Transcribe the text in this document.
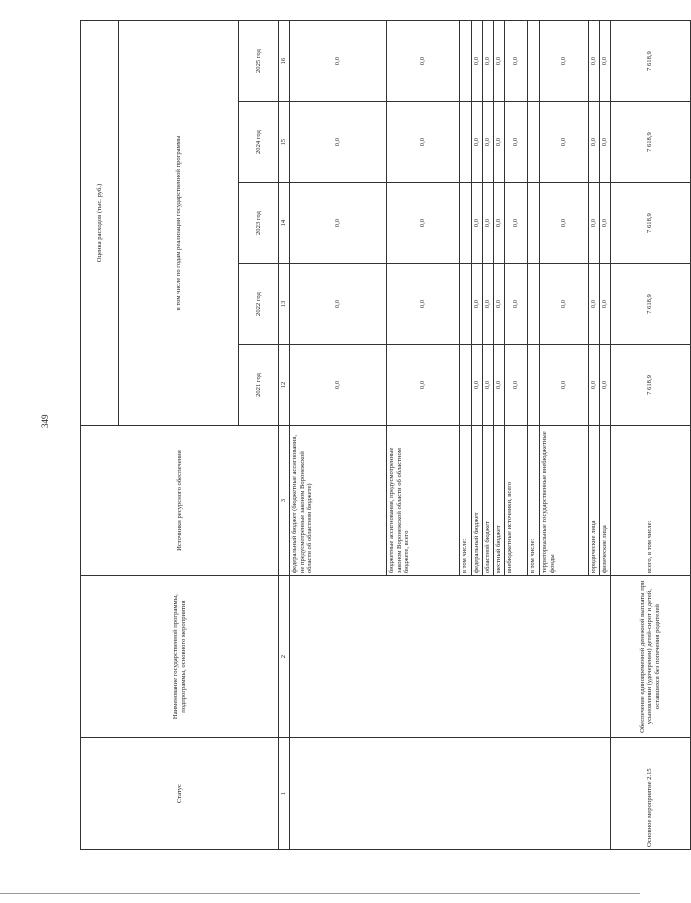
349
Статус	Наименование государственной программы, подпрограммы, основного мероприятия	Источники ресурсного обеспечения	Оценка расходов (тыс. руб.)				
			в том числе по годам реализации государственной программы				
			2021 год	2022 год	2023 год	2024 год	2025 год
1	2	3	12	13	14	15	16
		федеральный бюджет (бюджетные ассигнования, не предусмотренные законом Воронежской области об областном бюджете)	0,0	0,0	0,0	0,0	0,0
		бюджетные ассигнования, предусмотренные законом Воронежской области об областном бюджете, всего	0,0	0,0	0,0	0,0	0,0
		в том числе:					
		федеральный бюджет	0,0	0,0	0,0	0,0	0,0
		областной бюджет	0,0	0,0	0,0	0,0	0,0
		местный бюджет	0,0	0,0	0,0	0,0	0,0
		внебюджетные источники, всего	0,0	0,0	0,0	0,0	0,0
		в том числе:					
		территориальные государственные внебюджетные фонды	0,0	0,0	0,0	0,0	0,0
		юридические лица	0,0	0,0	0,0	0,0	0,0
		физические лица	0,0	0,0	0,0	0,0	0,0
Основное мероприятие 2.15	Обеспечение единовременной денежной выплаты при усыновлении (удочерении) детей-сирот и детей, оставшихся без попечения родителей	всего, в том числе:	7 618,9	7 618,9	7 618,9	7 618,9	7 618,9
